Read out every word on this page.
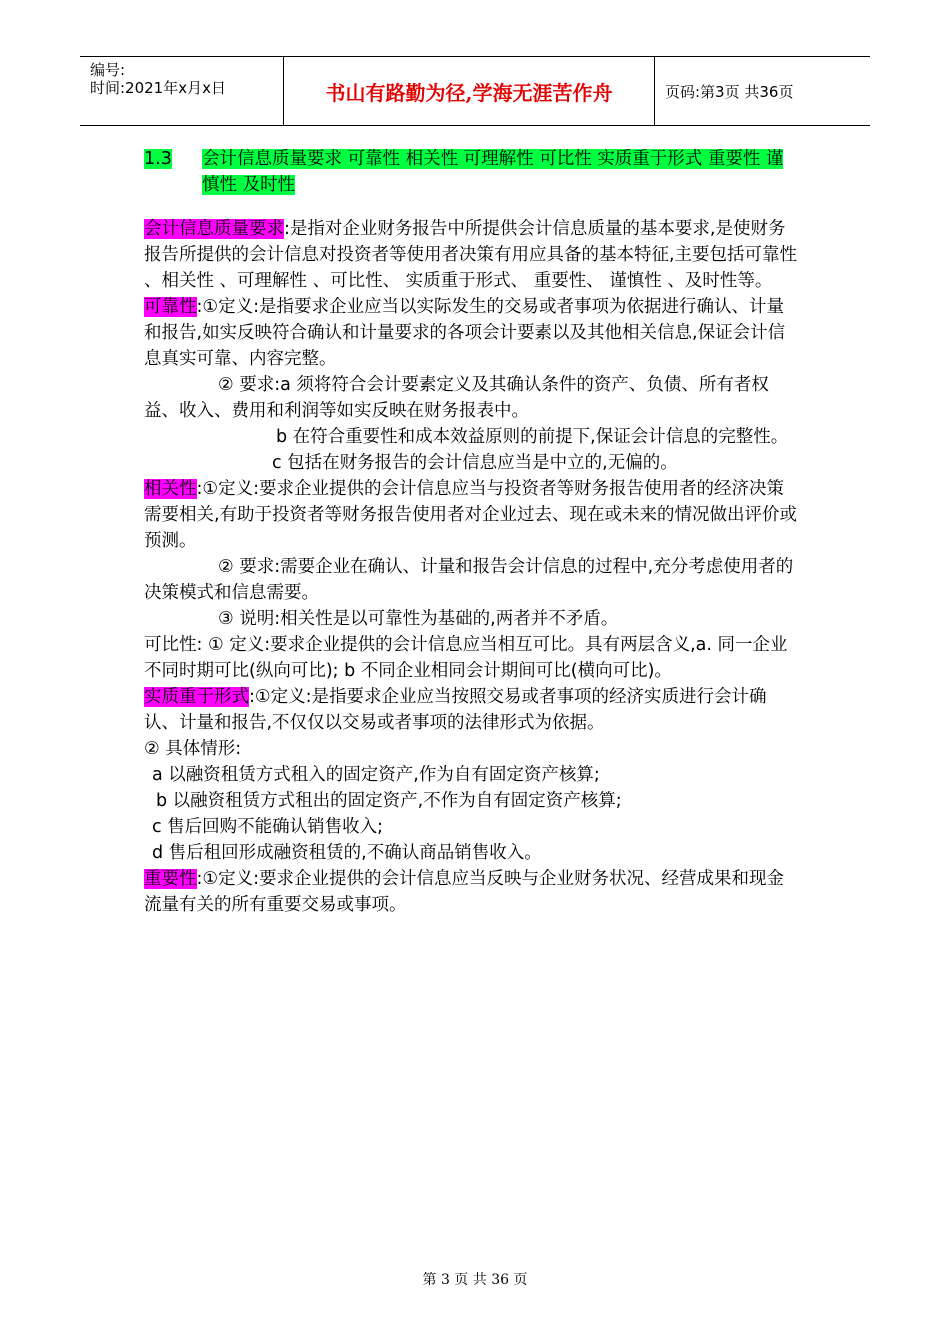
编号:
时间:2021年x月x日	书山有路勤为径,学海无涯苦作舟	页码:第3页 共36页
1.3	会计信息质量要求 可靠性 相关性 可理解性 可比性 实质重于形式 重要性 谨慎性 及时性

会计信息质量要求:是指对企业财务报告中所提供会计信息质量的基本要求,是使财务报告所提供的会计信息对投资者等使用者决策有用应具备的基本特征,主要包括可靠性 、相关性 、可理解性 、可比性、 实质重于形式、 重要性、 谨慎性 、及时性等。

可靠性:①定义:是指要求企业应当以实际发生的交易或者事项为依据进行确认、计量和报告,如实反映符合确认和计量要求的各项会计要素以及其他相关信息,保证会计信息真实可靠、内容完整。

② 要求:a 须将符合会计要素定义及其确认条件的资产、负债、所有者权益、收入、费用和利润等如实反映在财务报表中。

b 在符合重要性和成本效益原则的前提下,保证会计信息的完整性。

c 包括在财务报告的会计信息应当是中立的,无偏的。

相关性:①定义:要求企业提供的会计信息应当与投资者等财务报告使用者的经济决策需要相关,有助于投资者等财务报告使用者对企业过去、现在或未来的情况做出评价或预测。

② 要求:需要企业在确认、计量和报告会计信息的过程中,充分考虑使用者的决策模式和信息需要。

③ 说明:相关性是以可靠性为基础的,两者并不矛盾。

可比性: ① 定义:要求企业提供的会计信息应当相互可比。具有两层含义,a. 同一企业不同时期可比(纵向可比); b 不同企业相同会计期间可比(横向可比)。

实质重于形式:①定义:是指要求企业应当按照交易或者事项的经济实质进行会计确认、计量和报告,不仅仅以交易或者事项的法律形式为依据。

② 具体情形:

a 以融资租赁方式租入的固定资产,作为自有固定资产核算;

b 以融资租赁方式租出的固定资产,不作为自有固定资产核算;

c 售后回购不能确认销售收入;

d 售后租回形成融资租赁的,不确认商品销售收入。

重要性:①定义:要求企业提供的会计信息应当反映与企业财务状况、经营成果和现金流量有关的所有重要交易或事项。

第 3 页 共 36 页
